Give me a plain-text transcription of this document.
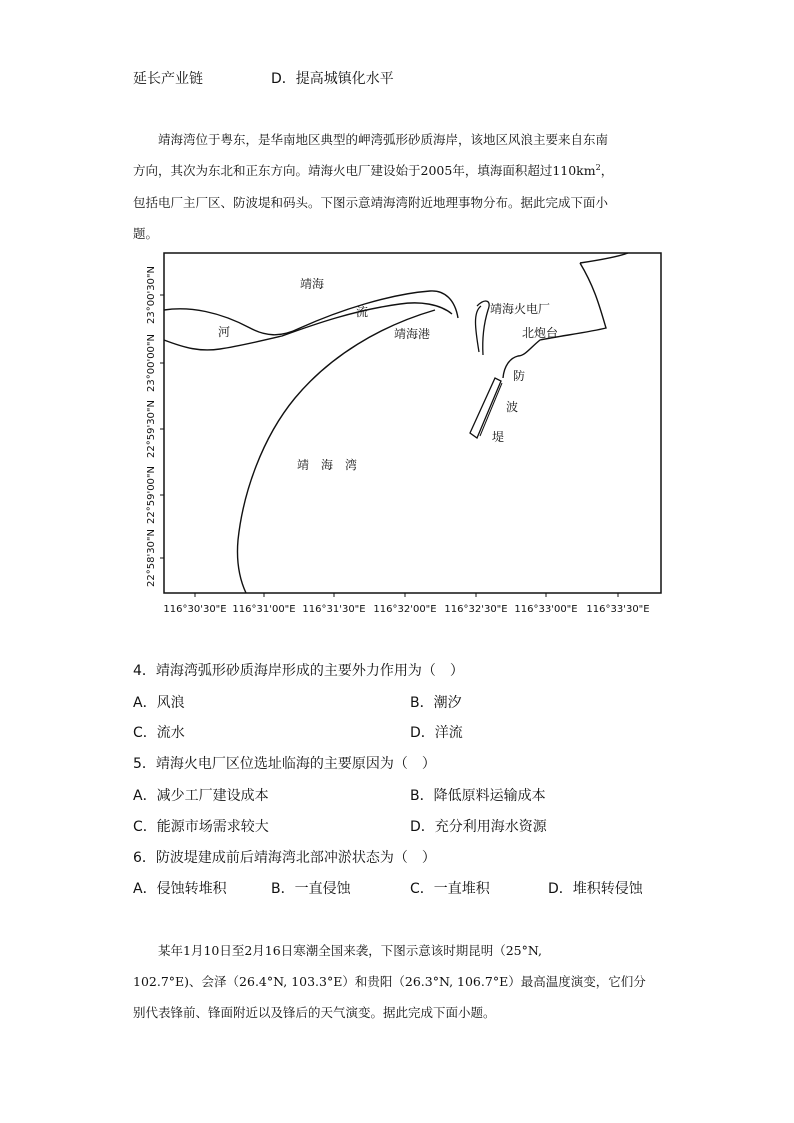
延长产业链	D．提高城镇化水平
靖海湾位于粤东，是华南地区典型的岬湾弧形砂质海岸，该地区风浪主要来自东南
方向，其次为东北和正东方向。靖海火电厂建设始于2005年，填海面积超过$110km^2$，
包括电厂主厂区、防波堤和码头。下图示意靖海湾附近地理事物分布。据此完成下面小
题。
靖海
流
河	靖海港
靖海火电厂
北炮台
防
波
堤
靖　海　湾
23°00'30"N
23°00'00"N
22°59'30"N
22°59'00"N
22°58'30"N
116°30'30"E 116°31'00"E 116°31'30"E 116°32'00"E 116°32'30"E 116°33'00"E 116°33'30"E
4．靖海湾弧形砂质海岸形成的主要外力作用为（　）
A．风浪	B．潮汐
C．流水	D．洋流
5．靖海火电厂区位选址临海的主要原因为（　）
A．减少工厂建设成本	B．降低原料运输成本
C．能源市场需求较大	D．充分利用海水资源
6．防波堤建成前后靖海湾北部冲淤状态为（　）
A．侵蚀转堆积	B．一直侵蚀	C．一直堆积	D．堆积转侵蚀
某年1月10日至2月16日寒潮全国来袭，下图示意该时期昆明（25°N,
102.7°E)、会泽（26.4°N, 103.3°E）和贵阳（26.3°N, 106.7°E）最高温度演变，它们分
别代表锋前、锋面附近以及锋后的天气演变。据此完成下面小题。
